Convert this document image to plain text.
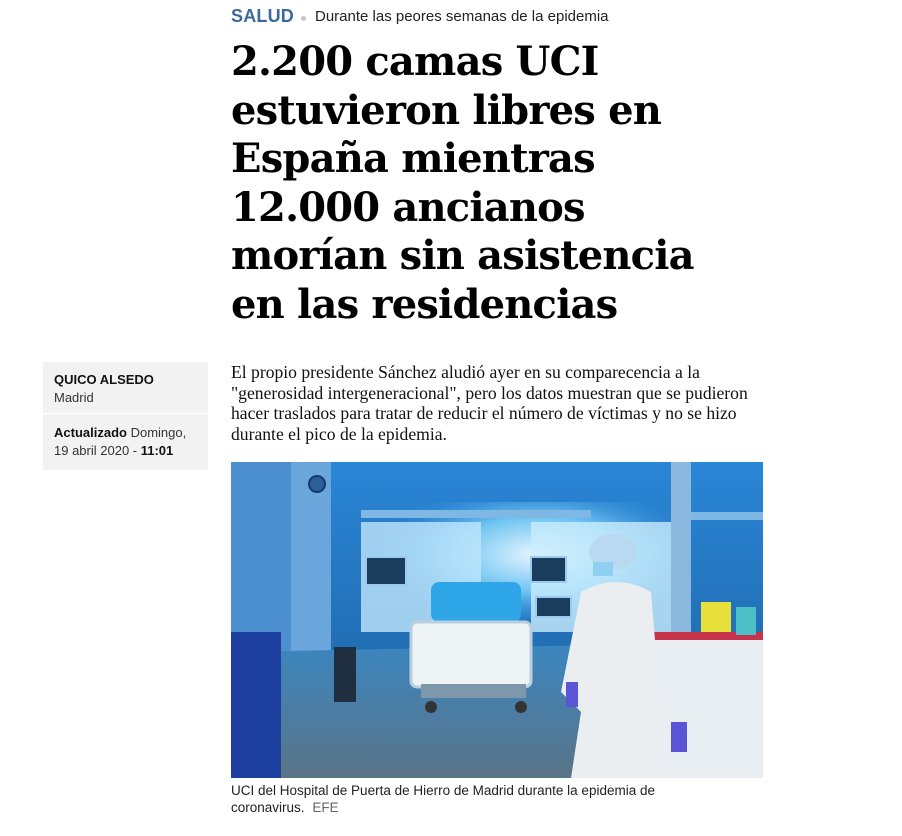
SALUD Durante las peores semanas de la epidemia
2.200 camas UCI estuvieron libres en España mientras 12.000 ancianos morían sin asistencia en las residencias
QUICO ALSEDO
Madrid
Actualizado Domingo, 19 abril 2020 - 11:01

El propio presidente Sánchez aludió ayer en su comparecencia a la "generosidad intergeneracional", pero los datos muestran que se pudieron hacer traslados para tratar de reducir el número de víctimas y no se hizo durante el pico de la epidemia.

UCI del Hospital de Puerta de Hierro de Madrid durante la epidemia de coronavirus. EFE
